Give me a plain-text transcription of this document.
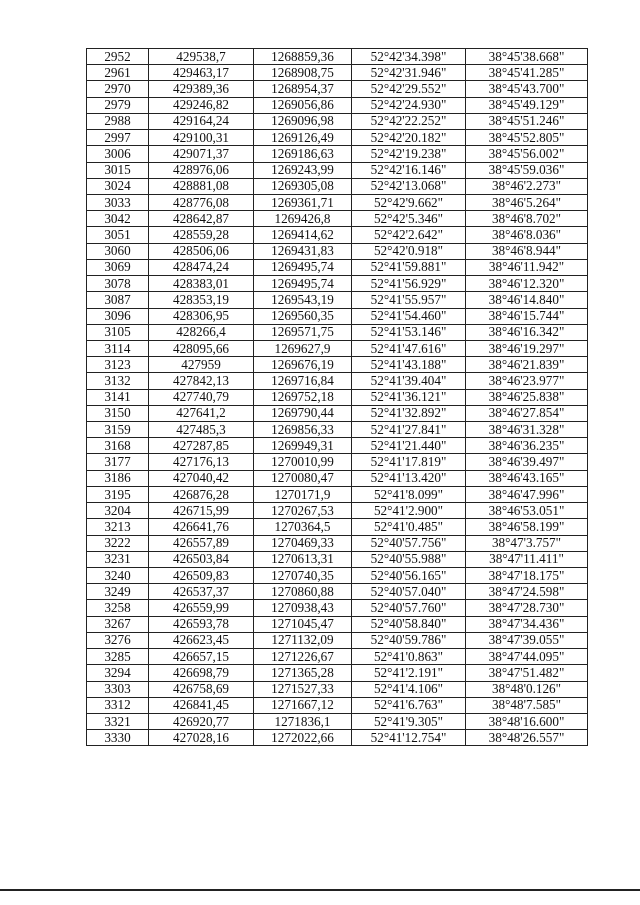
2952	429538,7	1268859,36	52°42'34.398"	38°45'38.668"
2961	429463,17	1268908,75	52°42'31.946"	38°45'41.285"
2970	429389,36	1268954,37	52°42'29.552"	38°45'43.700"
2979	429246,82	1269056,86	52°42'24.930"	38°45'49.129"
2988	429164,24	1269096,98	52°42'22.252"	38°45'51.246"
2997	429100,31	1269126,49	52°42'20.182"	38°45'52.805"
3006	429071,37	1269186,63	52°42'19.238"	38°45'56.002"
3015	428976,06	1269243,99	52°42'16.146"	38°45'59.036"
3024	428881,08	1269305,08	52°42'13.068"	38°46'2.273"
3033	428776,08	1269361,71	52°42'9.662"	38°46'5.264"
3042	428642,87	1269426,8	52°42'5.346"	38°46'8.702"
3051	428559,28	1269414,62	52°42'2.642"	38°46'8.036"
3060	428506,06	1269431,83	52°42'0.918"	38°46'8.944"
3069	428474,24	1269495,74	52°41'59.881"	38°46'11.942"
3078	428383,01	1269495,74	52°41'56.929"	38°46'12.320"
3087	428353,19	1269543,19	52°41'55.957"	38°46'14.840"
3096	428306,95	1269560,35	52°41'54.460"	38°46'15.744"
3105	428266,4	1269571,75	52°41'53.146"	38°46'16.342"
3114	428095,66	1269627,9	52°41'47.616"	38°46'19.297"
3123	427959	1269676,19	52°41'43.188"	38°46'21.839"
3132	427842,13	1269716,84	52°41'39.404"	38°46'23.977"
3141	427740,79	1269752,18	52°41'36.121"	38°46'25.838"
3150	427641,2	1269790,44	52°41'32.892"	38°46'27.854"
3159	427485,3	1269856,33	52°41'27.841"	38°46'31.328"
3168	427287,85	1269949,31	52°41'21.440"	38°46'36.235"
3177	427176,13	1270010,99	52°41'17.819"	38°46'39.497"
3186	427040,42	1270080,47	52°41'13.420"	38°46'43.165"
3195	426876,28	1270171,9	52°41'8.099"	38°46'47.996"
3204	426715,99	1270267,53	52°41'2.900"	38°46'53.051"
3213	426641,76	1270364,5	52°41'0.485"	38°46'58.199"
3222	426557,89	1270469,33	52°40'57.756"	38°47'3.757"
3231	426503,84	1270613,31	52°40'55.988"	38°47'11.411"
3240	426509,83	1270740,35	52°40'56.165"	38°47'18.175"
3249	426537,37	1270860,88	52°40'57.040"	38°47'24.598"
3258	426559,99	1270938,43	52°40'57.760"	38°47'28.730"
3267	426593,78	1271045,47	52°40'58.840"	38°47'34.436"
3276	426623,45	1271132,09	52°40'59.786"	38°47'39.055"
3285	426657,15	1271226,67	52°41'0.863"	38°47'44.095"
3294	426698,79	1271365,28	52°41'2.191"	38°47'51.482"
3303	426758,69	1271527,33	52°41'4.106"	38°48'0.126"
3312	426841,45	1271667,12	52°41'6.763"	38°48'7.585"
3321	426920,77	1271836,1	52°41'9.305"	38°48'16.600"
3330	427028,16	1272022,66	52°41'12.754"	38°48'26.557"
